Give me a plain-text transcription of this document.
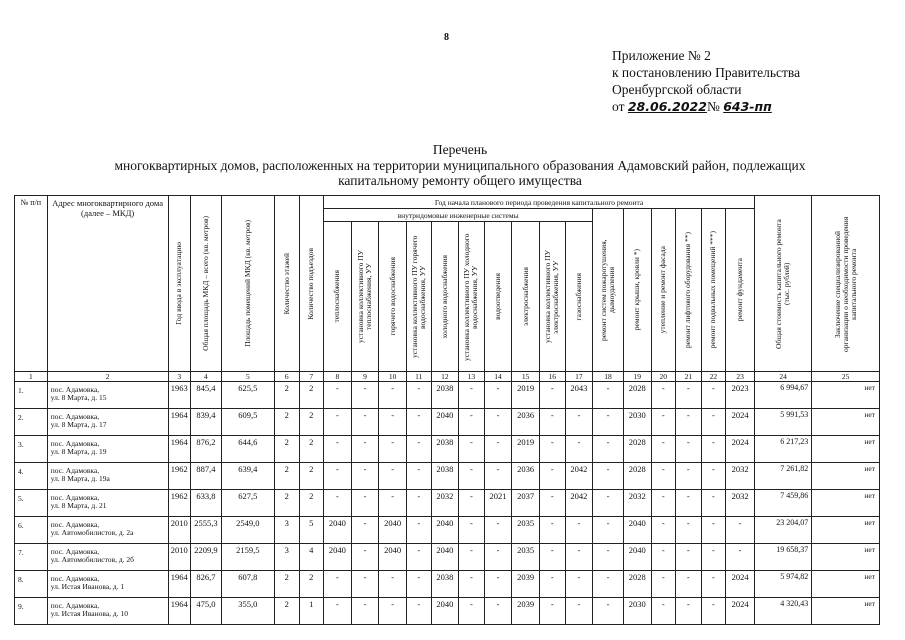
8
Приложение № 2
к постановлению Правительства
Оренбургской области
от 28.06.2022№ 643-пп
Перечень
многоквартирных домов, расположенных на территории муниципального образования Адамовский район, подлежащих
капитальному ремонту общего имущества
№ п/п	Адрес многоквартирного дома (далее – МКД)	Год ввода в эксплуатацию	Общая площадь МКД – всего (кв. метров)	Площадь помещений МКД (кв. метров)	Количество этажей	Количество подъездов	Год начала планового периода проведения капитального ремонта																Общая стоимость капитального ремонта (тыс. рублей)	Заключение специализированной организации о необходимости проведения капитального ремонта

							внутридомовые инженерные системы										ремонт систем пожаротушения, дымоудаления	ремонт крыши, кровли *)	утепление и ремонт фасада	ремонт лифтового оборудования **)	ремонт подвальных помещений ***)	ремонт фундамента		

							теплоснабжения	установка коллективного ПУ теплоснабжения, УУ	горячего водоснабжения	установка коллективного ПУ горячего водоснабжения, УУ	холодного водоснабжения	установка коллективного ПУ холодного водоснабжения, УУ	водоотведения	электроснабжения	установка коллективного ПУ электроснабжения, УУ	газоснабжения								

1	2	3	4	5	6	7	8	9	10	11	12	13	14	15	16	17	18	19	20	21	22	23	24	25
1.	пос. Адамовка,
ул. 8 Марта, д. 15	1963	845,4	625,5	2	2	-	-	-	-	2038	-	-	2019	-	2043	-	2028	-	-	-	2023	6 994,67	нет
2.	пос. Адамовка,
ул. 8 Марта, д. 17	1964	839,4	609,5	2	2	-	-	-	-	2040	-	-	2036	-	-	-	2030	-	-	-	2024	5 991,53	нет
3.	пос. Адамовка,
ул. 8 Марта, д. 19	1964	876,2	644,6	2	2	-	-	-	-	2038	-	-	2019	-	-	-	2028	-	-	-	2024	6 217,23	нет
4.	пос. Адамовка,
ул. 8 Марта, д. 19а	1962	887,4	639,4	2	2	-	-	-	-	2038	-	-	2036	-	2042	-	2028	-	-	-	2032	7 261,82	нет
5.	пос. Адамовка,
ул. 8 Марта, д. 21	1962	633,8	627,5	2	2	-	-	-	-	2032	-	2021	2037	-	2042	-	2032	-	-	-	2032	7 459,86	нет
6.	пос. Адамовка,
ул. Автомобилистов, д. 2а	2010	2555,3	2549,0	3	5	2040	-	2040	-	2040	-	-	2035	-	-	-	2040	-	-	-	-	23 204,07	нет
7.	пос. Адамовка,
ул. Автомобилистов, д. 2б	2010	2209,9	2159,5	3	4	2040	-	2040	-	2040	-	-	2035	-	-	-	2040	-	-	-	-	19 658,37	нет
8.	пос. Адамовка,
ул. Истая Иванова, д. 1	1964	826,7	607,8	2	2	-	-	-	-	2038	-	-	2039	-	-	-	2028	-	-	-	2024	5 974,82	нет
9.	пос. Адамовка,
ул. Истая Иванова, д. 10	1964	475,0	355,0	2	1	-	-	-	-	2040	-	-	2039	-	-	-	2030	-	-	-	2024	4 320,43	нет
